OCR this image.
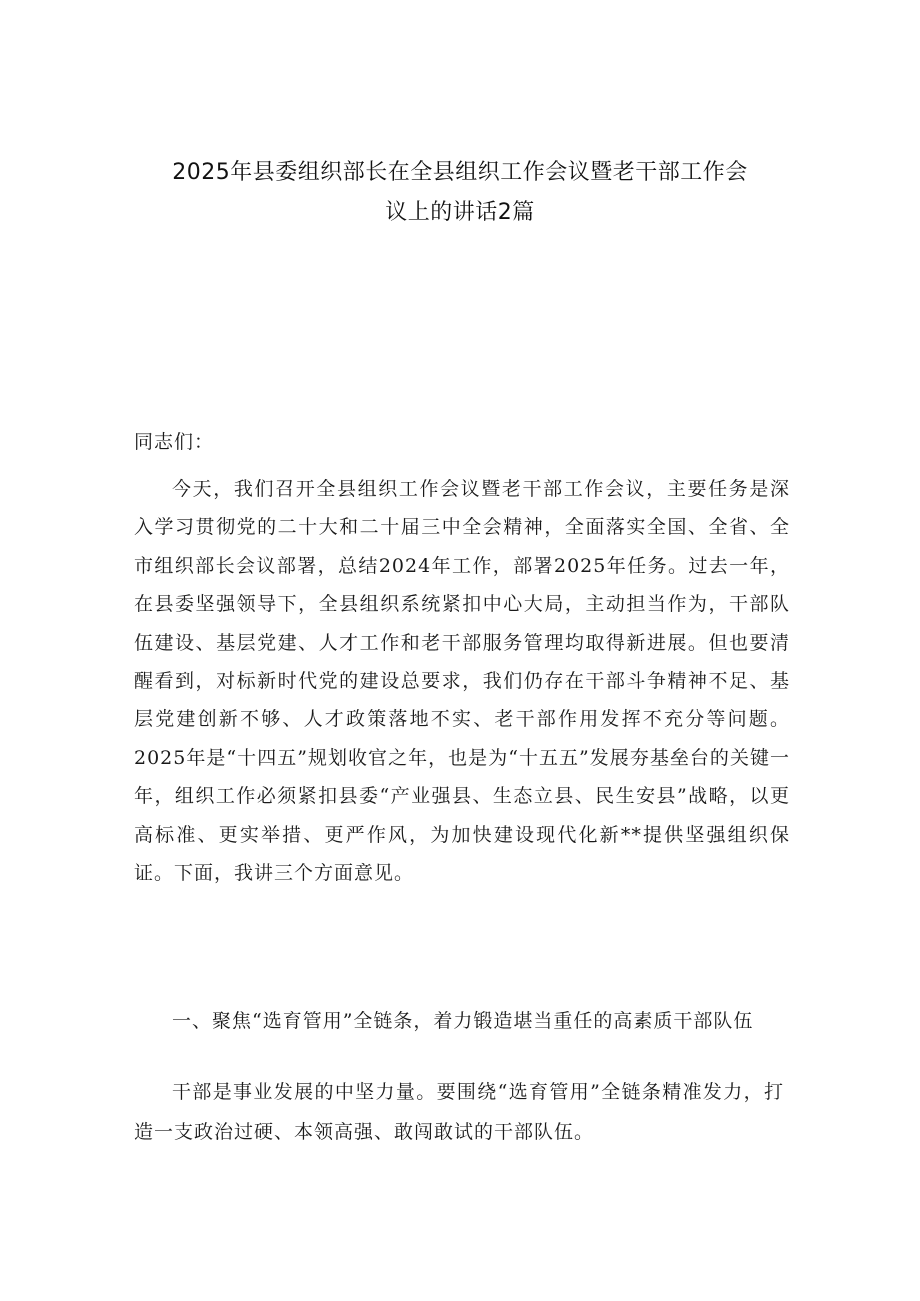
2025年县委组织部长在全县组织工作会议暨老干部工作会
议上的讲话2篇

同志们：

今天，我们召开全县组织工作会议暨老干部工作会议，主要任务是深入学习贯彻党的二十大和二十届三中全会精神，全面落实全国、全省、全市组织部长会议部署，总结2024年工作，部署2025年任务。过去一年，在县委坚强领导下，全县组织系统紧扣中心大局，主动担当作为，干部队伍建设、基层党建、人才工作和老干部服务管理均取得新进展。但也要清醒看到，对标新时代党的建设总要求，我们仍存在干部斗争精神不足、基层党建创新不够、人才政策落地不实、老干部作用发挥不充分等问题。2025年是“十四五”规划收官之年，也是为“十五五”发展夯基垒台的关键一年，组织工作必须紧扣县委“产业强县、生态立县、民生安县”战略，以更高标准、更实举措、更严作风，为加快建设现代化新**提供坚强组织保证。下面，我讲三个方面意见。

一、聚焦“选育管用”全链条，着力锻造堪当重任的高素质干部队伍

干部是事业发展的中坚力量。要围绕“选育管用”全链条精准发力，打造一支政治过硬、本领高强、敢闯敢试的干部队伍。
